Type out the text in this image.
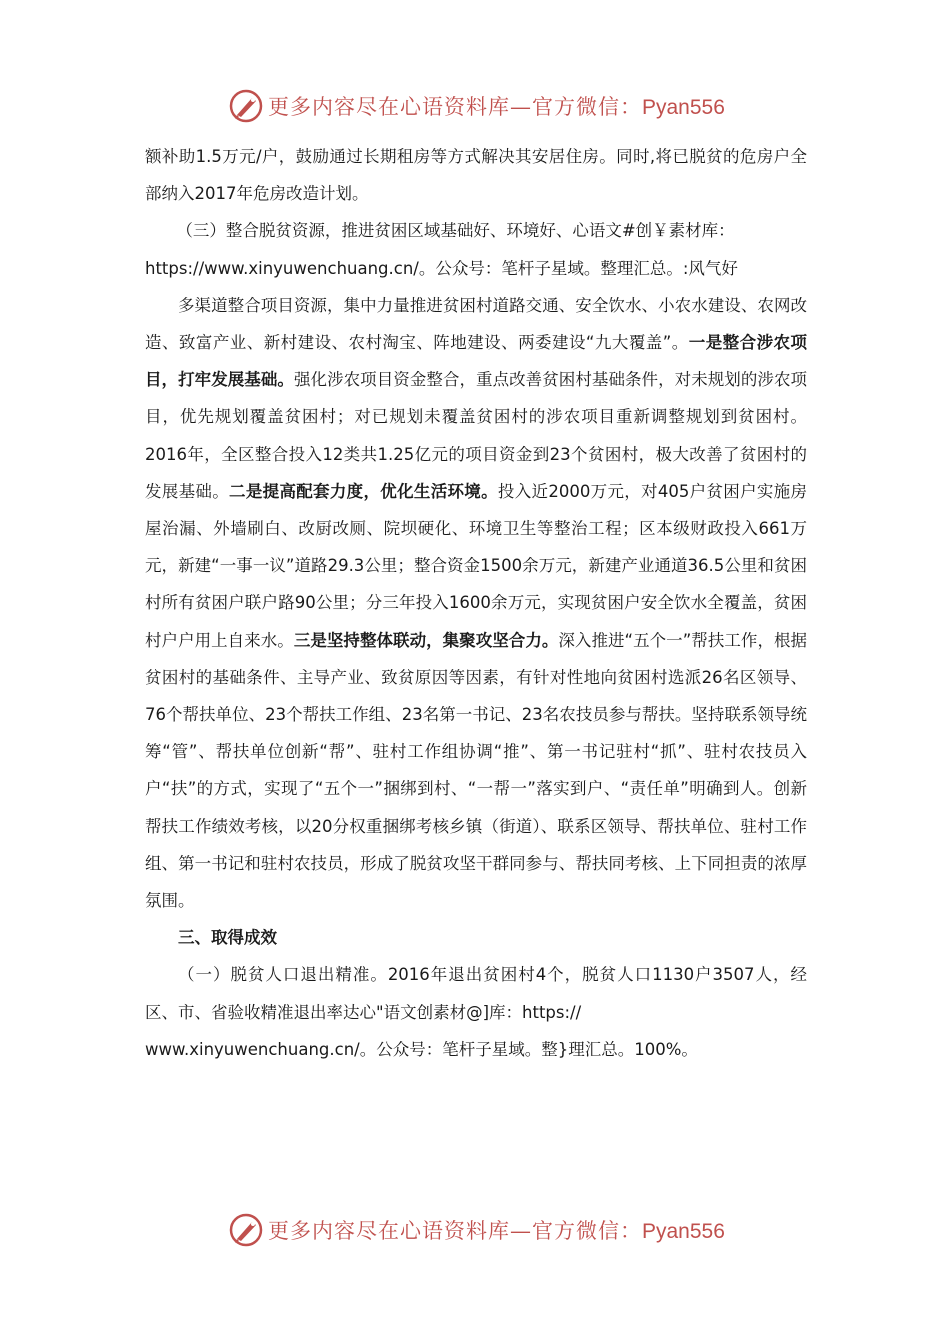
更多内容尽在心语资料库—官方微信：Pyan556

额补助1.5万元/户，鼓励通过长期租房等方式解决其安居住房。同时,将已脱贫的危房户全部纳入2017年危房改造计划。

（三）整合脱贫资源，推进贫困区域基础好、环境好、心语文#创￥素材库：

https://www.xinyuwenchuang.cn/。公众号：笔杆子星域。整理汇总。:风气好

多渠道整合项目资源，集中力量推进贫困村道路交通、安全饮水、小农水建设、农网改造、致富产业、新村建设、农村淘宝、阵地建设、两委建设“九大覆盖”。一是整合涉农项目，打牢发展基础。强化涉农项目资金整合，重点改善贫困村基础条件，对未规划的涉农项目，优先规划覆盖贫困村；对已规划未覆盖贫困村的涉农项目重新调整规划到贫困村。2016年，全区整合投入12类共1.25亿元的项目资金到23个贫困村，极大改善了贫困村的发展基础。二是提高配套力度，优化生活环境。投入近2000万元，对405户贫困户实施房屋治漏、外墙刷白、改厨改厕、院坝硬化、环境卫生等整治工程；区本级财政投入661万元，新建“一事一议”道路29.3公里；整合资金1500余万元，新建产业通道36.5公里和贫困村所有贫困户联户路90公里；分三年投入1600余万元，实现贫困户安全饮水全覆盖，贫困村户户用上自来水。三是坚持整体联动，集聚攻坚合力。深入推进“五个一”帮扶工作，根据贫困村的基础条件、主导产业、致贫原因等因素，有针对性地向贫困村选派26名区领导、76个帮扶单位、23个帮扶工作组、23名第一书记、23名农技员参与帮扶。坚持联系领导统筹“管”、帮扶单位创新“帮”、驻村工作组协调“推”、第一书记驻村“抓”、驻村农技员入户“扶”的方式，实现了“五个一”捆绑到村、“一帮一”落实到户、“责任单”明确到人。创新帮扶工作绩效考核，以20分权重捆绑考核乡镇（街道）、联系区领导、帮扶单位、驻村工作组、第一书记和驻村农技员，形成了脱贫攻坚干群同参与、帮扶同考核、上下同担责的浓厚氛围。

三、取得成效

（一）脱贫人口退出精准。2016年退出贫困村4个，脱贫人口1130户3507人，经区、市、省验收精准退出率达心"语文创素材@]库：https://

www.xinyuwenchuang.cn/。公众号：笔杆子星域。整}理汇总。100%。

更多内容尽在心语资料库—官方微信：Pyan556
